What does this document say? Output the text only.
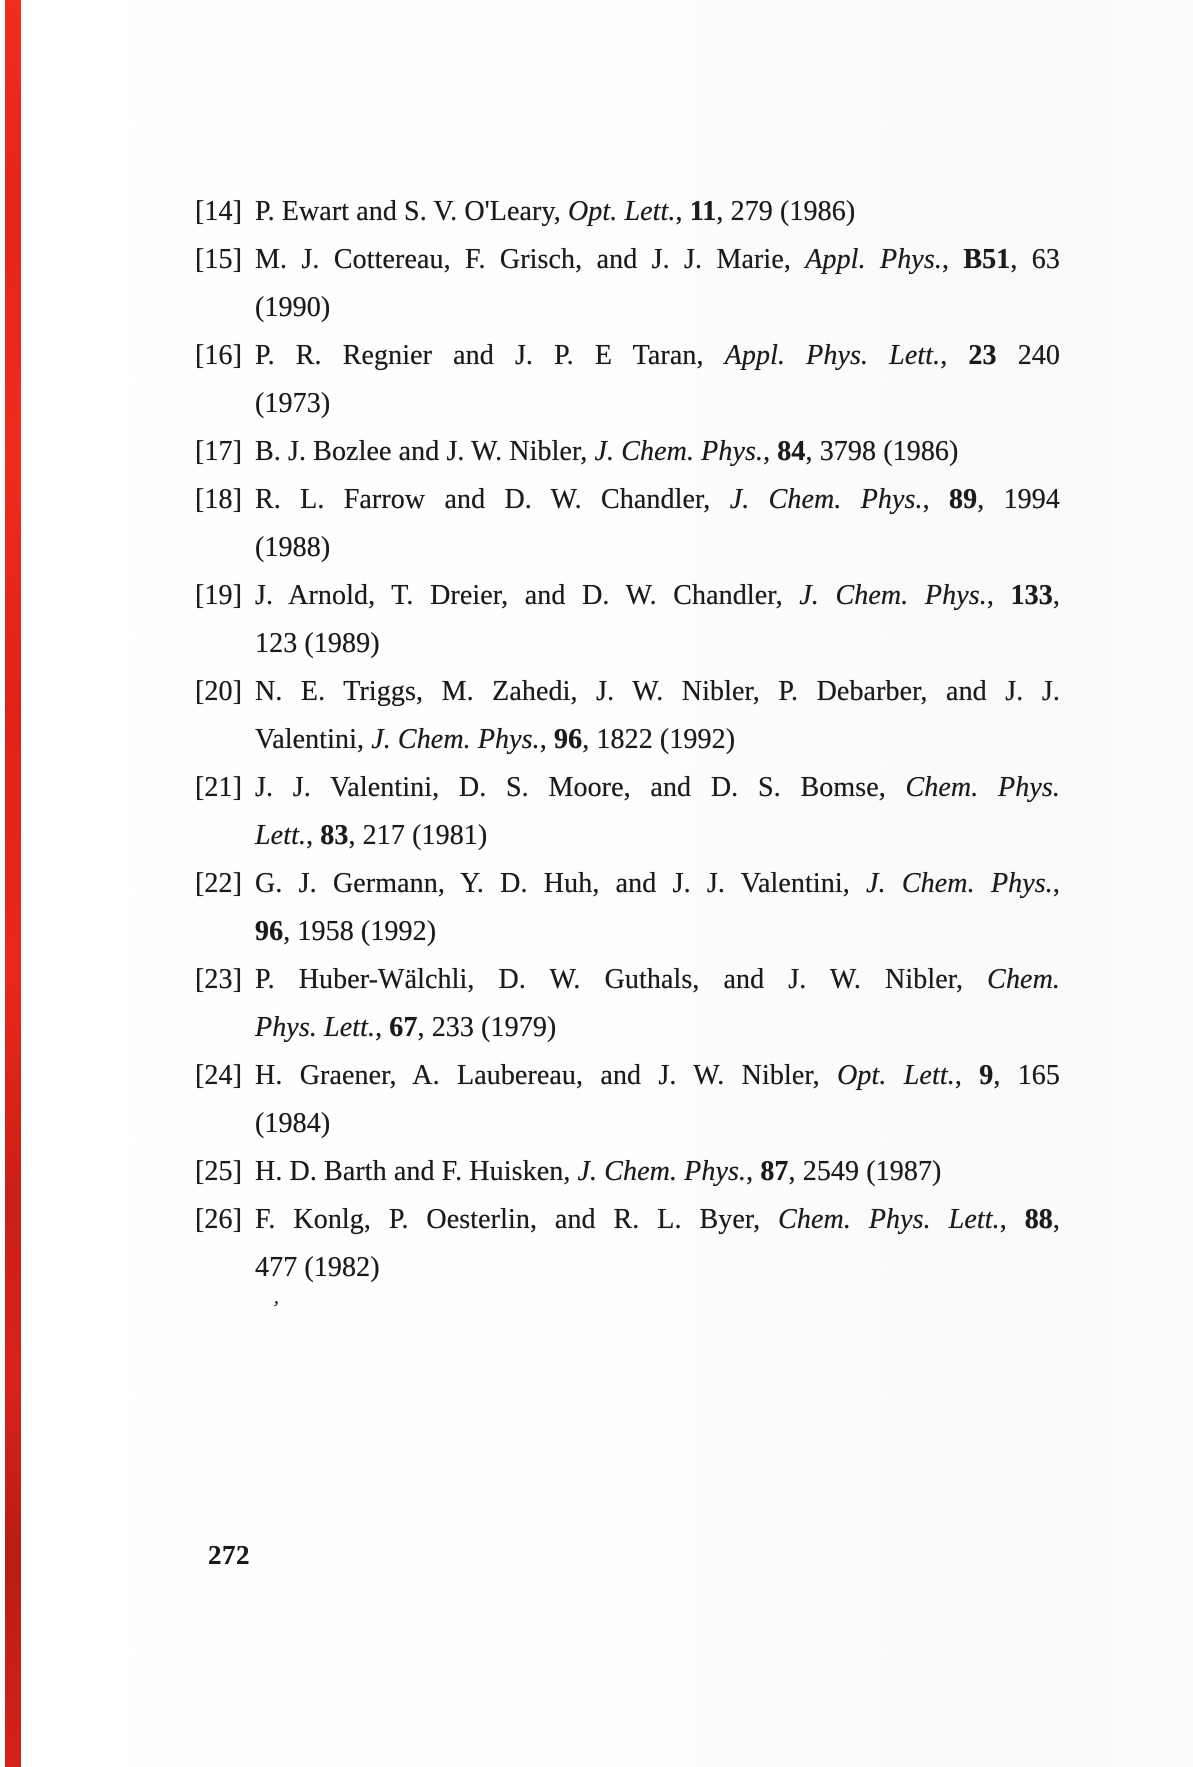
[14] P. Ewart and S. V. O'Leary, Opt. Lett., 11, 279 (1986)
[15] M. J. Cottereau, F. Grisch, and J. J. Marie, Appl. Phys., B51, 63
(1990)
[16] P. R. Regnier and J. P. E Taran, Appl. Phys. Lett., 23 240
(1973)
[17] B. J. Bozlee and J. W. Nibler, J. Chem. Phys., 84, 3798 (1986)
[18] R. L. Farrow and D. W. Chandler, J. Chem. Phys., 89, 1994
(1988)
[19] J. Arnold, T. Dreier, and D. W. Chandler, J. Chem. Phys., 133,
123 (1989)
[20] N. E. Triggs, M. Zahedi, J. W. Nibler, P. Debarber, and J. J.
Valentini, J. Chem. Phys., 96, 1822 (1992)
[21] J. J. Valentini, D. S. Moore, and D. S. Bomse, Chem. Phys.
Lett., 83, 217 (1981)
[22] G. J. Germann, Y. D. Huh, and J. J. Valentini, J. Chem. Phys.,
96, 1958 (1992)
[23] P. Huber-Wälchli, D. W. Guthals, and J. W. Nibler, Chem.
Phys. Lett., 67, 233 (1979)
[24] H. Graener, A. Laubereau, and J. W. Nibler, Opt. Lett., 9, 165
(1984)
[25] H. D. Barth and F. Huisken, J. Chem. Phys., 87, 2549 (1987)
[26] F. Konlg, P. Oesterlin, and R. L. Byer, Chem. Phys. Lett., 88,
477 (1982)
’
272
